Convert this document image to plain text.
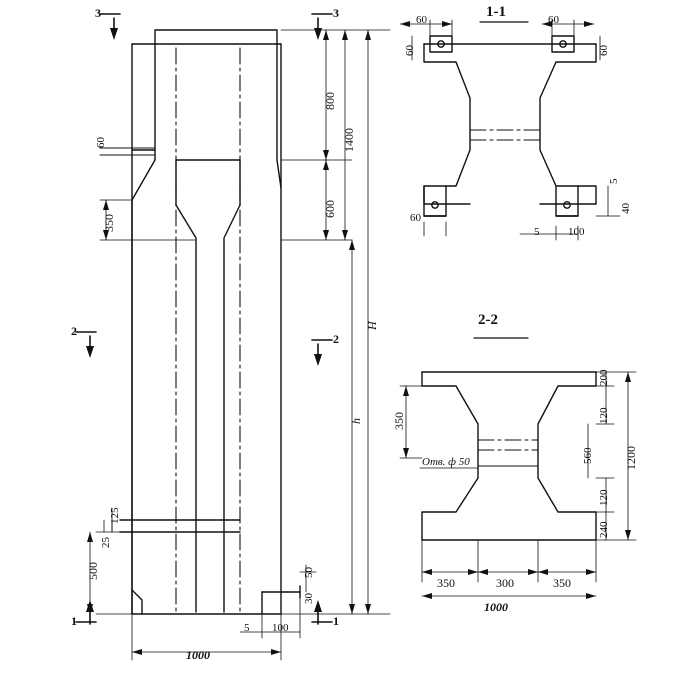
3	3
2
2
1	1
800
1400
600
350
H
h
500
125
25
60
50
30
5 100
1000
1-1
60	60
60	60
60
5
40
5	100
2-2
350
200
120
560
120
240
1200
350	300	350
1000
Отв. ф 50
